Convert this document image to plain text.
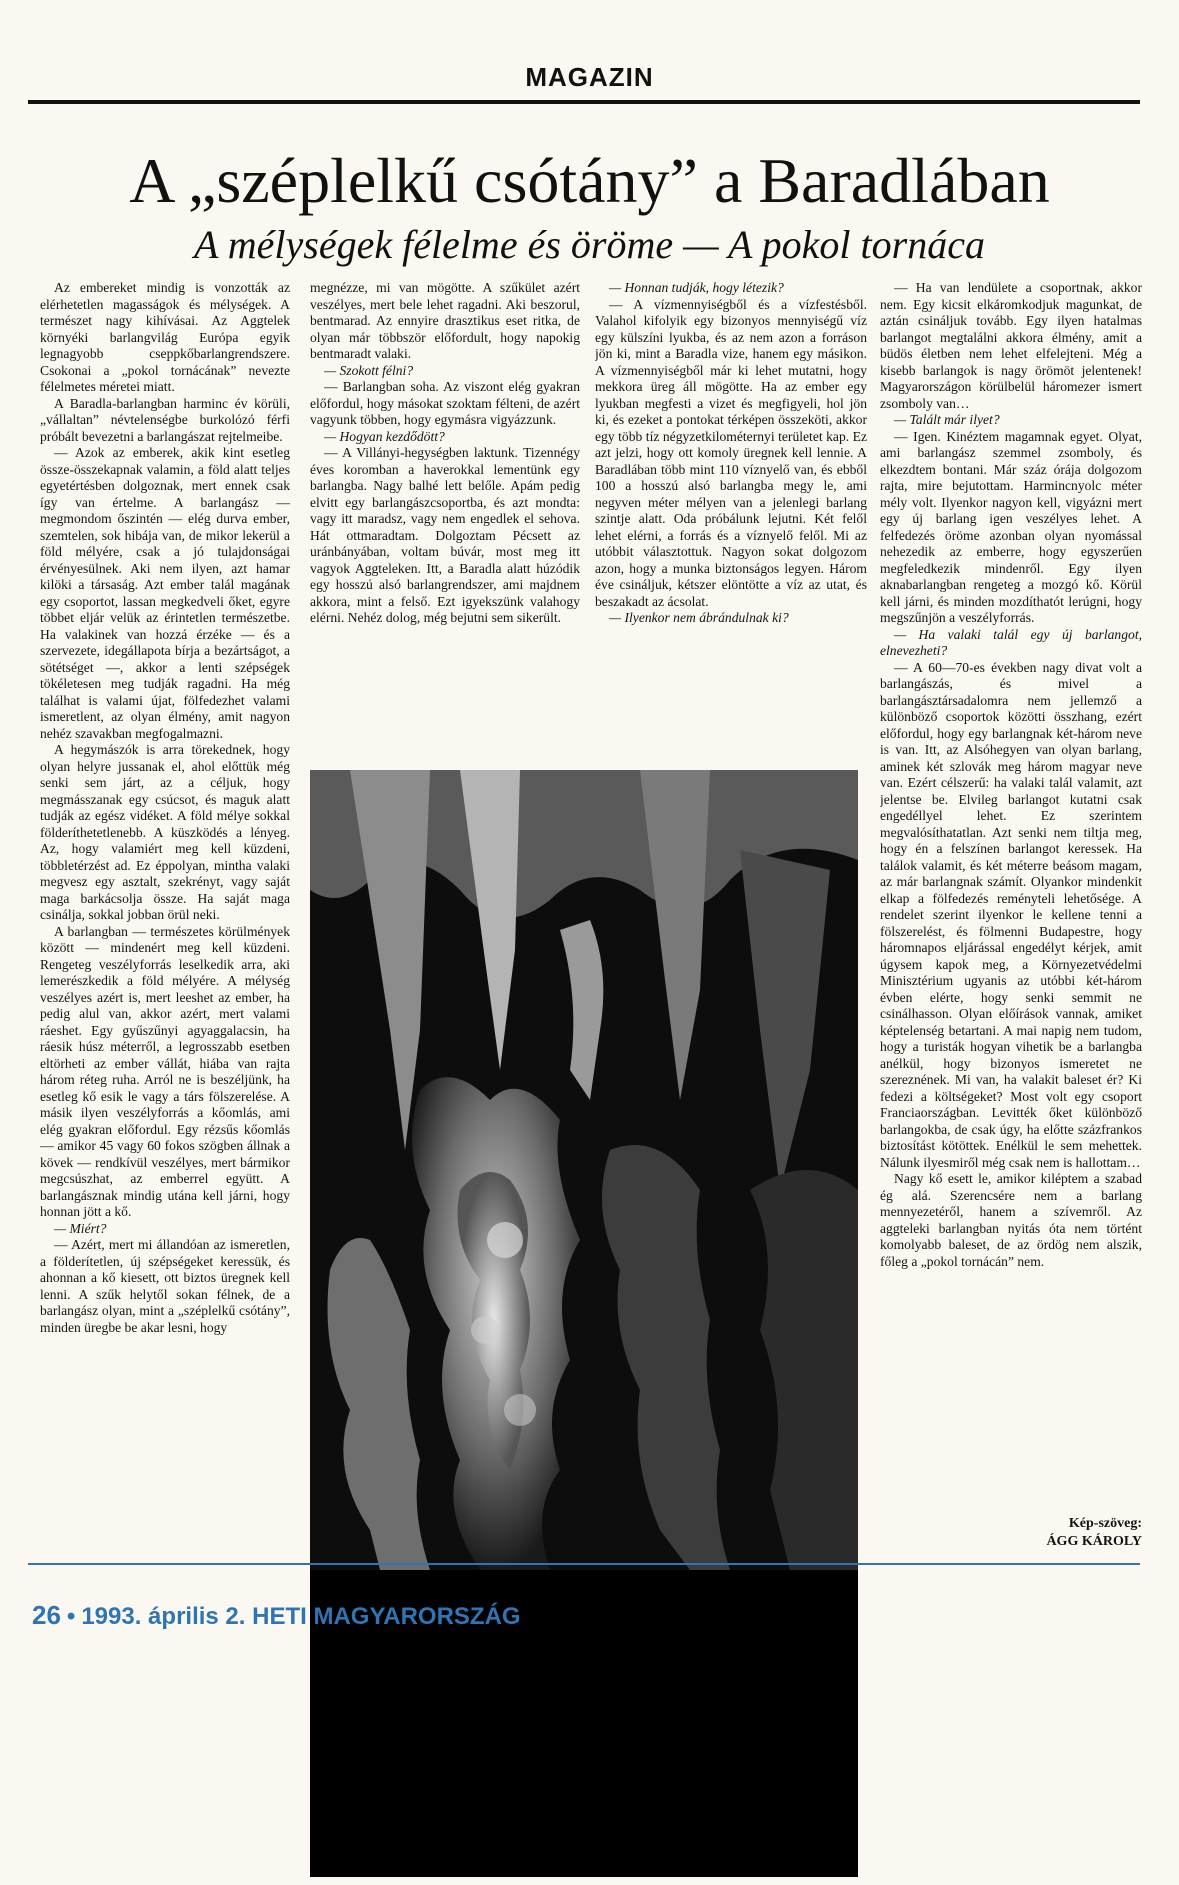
MAGAZIN
A „széplelkű csótány” a Baradlában
A mélységek félelme és öröme — A pokol tornáca

Az embereket mindig is vonzották az elérhetetlen magasságok és mélységek. A természet nagy kihívásai. Az Aggtelek környéki barlangvilág Európa egyik legnagyobb cseppkőbarlangrendszere. Csokonai a „pokol tornácának” nevezte félelmetes méretei miatt.

A Baradla-barlangban harminc év körüli, „vállaltan” névtelenségbe burkolózó férfi próbált bevezetni a barlangászat rejtelmeibe.

— Azok az emberek, akik kint esetleg össze-összekapnak valamin, a föld alatt teljes egyetértésben dolgoznak, mert ennek csak így van értelme. A barlangász — megmondom őszintén — elég durva ember, szemtelen, sok hibája van, de mikor lekerül a föld mélyére, csak a jó tulajdonságai érvényesülnek. Aki nem ilyen, azt hamar kilöki a társaság. Azt ember talál magának egy csoportot, lassan megkedveli őket, egyre többet eljár velük az érintetlen természetbe. Ha valakinek van hozzá érzéke — és a szervezete, idegállapota bírja a bezártságot, a sötétséget —, akkor a lenti szépségek tökéletesen meg tudják ragadni. Ha még találhat is valami újat, fölfedezhet valami ismeretlent, az olyan élmény, amit nagyon nehéz szavakban megfogalmazni.

A hegymászók is arra törekednek, hogy olyan helyre jussanak el, ahol előttük még senki sem járt, az a céljuk, hogy megmásszanak egy csúcsot, és maguk alatt tudják az egész vidéket. A föld mélye sokkal földeríthetetlenebb. A küszködés a lényeg. Az, hogy valamiért meg kell küzdeni, többletérzést ad. Ez éppolyan, mintha valaki megvesz egy asztalt, szekrényt, vagy saját maga barkácsolja össze. Ha saját maga csinálja, sokkal jobban örül neki.

A barlangban — természetes körülmények között — mindenért meg kell küzdeni. Rengeteg veszélyforrás leselkedik arra, aki lemerészkedik a föld mélyére. A mélység veszélyes azért is, mert leeshet az ember, ha pedig alul van, akkor azért, mert valami ráeshet. Egy gyűszűnyi agyaggalacsin, ha ráesik húsz méterről, a legrosszabb esetben eltörheti az ember vállát, hiába van rajta három réteg ruha. Arról ne is beszéljünk, ha esetleg kő esik le vagy a társ fölszerelése. A másik ilyen veszélyforrás a kőomlás, ami elég gyakran előfordul. Egy rézsűs kőomlás — amikor 45 vagy 60 fokos szögben állnak a kövek — rendkívül veszélyes, mert bármikor megcsúszhat, az emberrel együtt. A barlangásznak mindig utána kell járni, hogy honnan jött a kő.

— Miért?

— Azért, mert mi állandóan az ismeretlen, a földerítetlen, új szépségeket keressük, és ahonnan a kő kiesett, ott biztos üregnek kell lenni. A szűk helytől sokan félnek, de a barlangász olyan, mint a „széplelkű csótány”, minden üregbe be akar lesni, hogy

megnézze, mi van mögötte. A szűkület azért veszélyes, mert bele lehet ragadni. Aki beszorul, bentmarad. Az ennyire drasztikus eset ritka, de olyan már többször előfordult, hogy napokig bentmaradt valaki.

— Szokott félni?

— Barlangban soha. Az viszont elég gyakran előfordul, hogy másokat szoktam félteni, de azért vagyunk többen, hogy egymásra vigyázzunk.

— Hogyan kezdődött?

— A Villányi-hegységben laktunk. Tizennégy éves koromban a haverokkal lementünk egy barlangba. Nagy balhé lett belőle. Apám pedig elvitt egy barlangászcsoportba, és azt mondta: vagy itt maradsz, vagy nem engedlek el sehova. Hát ottmaradtam. Dolgoztam Pécsett az uránbányában, voltam búvár, most meg itt vagyok Aggteleken. Itt, a Baradla alatt húzódik egy hosszú alsó barlangrendszer, ami majdnem akkora, mint a felső. Ezt igyekszünk valahogy elérni. Nehéz dolog, még bejutni sem sikerült.

— Honnan tudják, hogy létezik?

— A vízmennyiségből és a vízfestésből. Valahol kifolyik egy bizonyos mennyiségű víz egy külszíni lyukba, és az nem azon a forráson jön ki, mint a Baradla vize, hanem egy másikon. A vízmennyiségből már ki lehet mutatni, hogy mekkora üreg áll mögötte. Ha az ember egy lyukban megfesti a vizet és megfigyeli, hol jön ki, és ezeket a pontokat térképen összeköti, akkor egy több tíz négyzetkilométernyi területet kap. Ez azt jelzi, hogy ott komoly üregnek kell lennie. A Baradlában több mint 110 víznyelő van, és ebből 100 a hosszú alsó barlangba megy le, ami negyven méter mélyen van a jelenlegi barlang szintje alatt. Oda próbálunk lejutni. Két felől lehet elérni, a forrás és a víznyelő felől. Mi az utóbbit választottuk. Nagyon sokat dolgozom azon, hogy a munka biztonságos legyen. Három éve csináljuk, kétszer elöntötte a víz az utat, és beszakadt az ácsolat.

— Ilyenkor nem ábrándulnak ki?

— Ha van lendülete a csoportnak, akkor nem. Egy kicsit elkáromkodjuk magunkat, de aztán csináljuk tovább. Egy ilyen hatalmas barlangot megtalálni akkora élmény, amit a büdös életben nem lehet elfelejteni. Még a kisebb barlangok is nagy örömöt jelentenek! Magyarországon körülbelül háromezer ismert zsomboly van…

— Talált már ilyet?

— Igen. Kinéztem magamnak egyet. Olyat, ami barlangász szemmel zsomboly, és elkezdtem bontani. Már száz órája dolgozom rajta, mire bejutottam. Harmincnyolc méter mély volt. Ilyenkor nagyon kell, vigyázni mert egy új barlang igen veszélyes lehet. A felfedezés öröme azonban olyan nyomással nehezedik az emberre, hogy egyszerűen megfeledkezik mindenről. Egy ilyen aknabarlangban rengeteg a mozgó kő. Körül kell járni, és minden mozdíthatót lerúgni, hogy megszűnjön a veszélyforrás.

— Ha valaki talál egy új barlangot, elnevezheti?

— A 60—70-es években nagy divat volt a barlangászás, és mivel a barlangásztársadalomra nem jellemző a különböző csoportok közötti összhang, ezért előfordul, hogy egy barlangnak két-három neve is van. Itt, az Alsóhegyen van olyan barlang, aminek két szlovák meg három magyar neve van. Ezért célszerű: ha valaki talál valamit, azt jelentse be. Elvileg barlangot kutatni csak engedéllyel lehet. Ez szerintem megvalósíthatatlan. Azt senki nem tiltja meg, hogy én a felszínen barlangot keressek. Ha találok valamit, és két méterre beásom magam, az már barlangnak számít. Olyankor mindenkit elkap a fölfedezés reményteli lehetősége. A rendelet szerint ilyenkor le kellene tenni a fölszerelést, és fölmenni Budapestre, hogy háromnapos eljárással engedélyt kérjek, amit úgysem kapok meg, a Környezetvédelmi Minisztérium ugyanis az utóbbi két-három évben elérte, hogy senki semmit ne csinálhasson. Olyan előírások vannak, amiket képtelenség betartani. A mai napig nem tudom, hogy a turisták hogyan vihetik be a barlangba anélkül, hogy bizonyos ismeretet ne szereznének. Mi van, ha valakit baleset ér? Ki fedezi a költségeket? Most volt egy csoport Franciaországban. Levitték őket különböző barlangokba, de csak úgy, ha előtte százfrankos biztosítást kötöttek. Enélkül le sem mehettek. Nálunk ilyesmiről még csak nem is hallottam…

Nagy kő esett le, amikor kiléptem a szabad ég alá. Szerencsére nem a barlang mennyezetéről, hanem a szívemről. Az aggteleki barlangban nyitás óta nem történt komolyabb baleset, de az ördög nem alszik, főleg a „pokol tornácán” nem.

Kép-szöveg:
ÁGG KÁROLY
26 • 1993. április 2. HETI MAGYARORSZÁG
